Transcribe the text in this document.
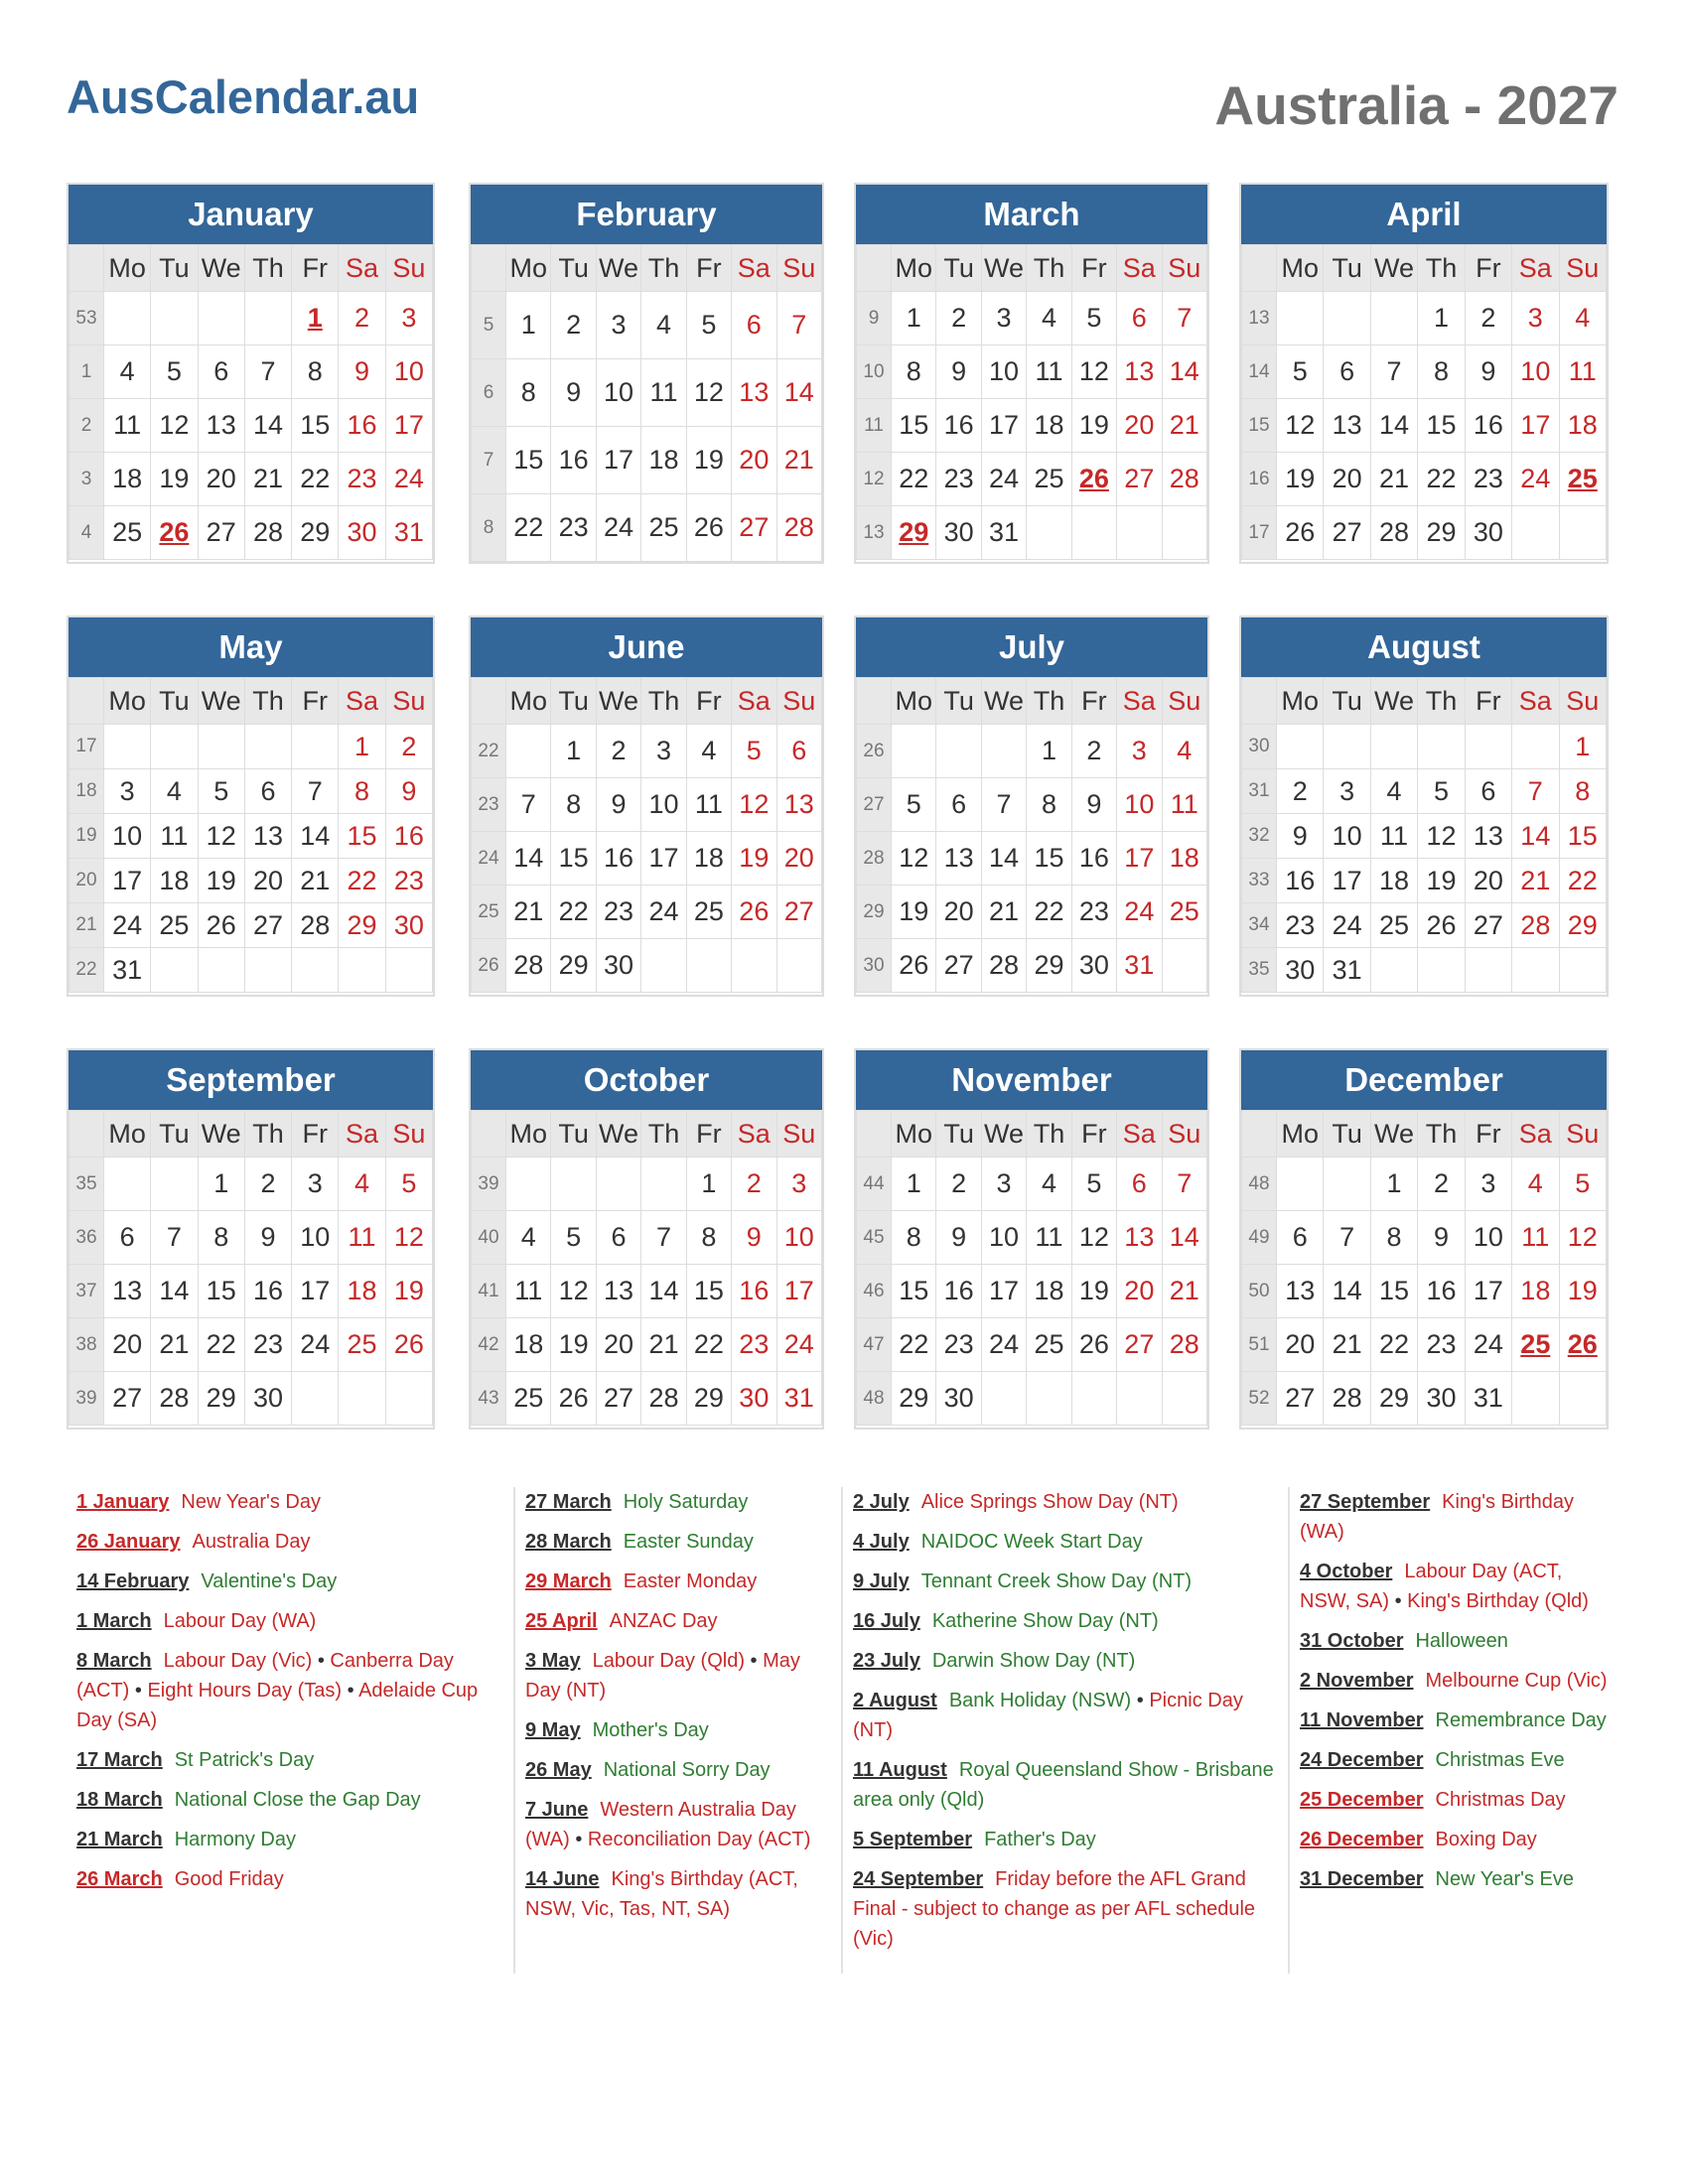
AusCalendar.au	Australia - 2027
January
	Mo	Tu	We	Th	Fr	Sa	Su
53					1	2	3
1	4	5	6	7	8	9	10
2	11	12	13	14	15	16	17
3	18	19	20	21	22	23	24
4	25	26	27	28	29	30	31
February
	Mo	Tu	We	Th	Fr	Sa	Su
5	1	2	3	4	5	6	7
6	8	9	10	11	12	13	14
7	15	16	17	18	19	20	21
8	22	23	24	25	26	27	28
March
	Mo	Tu	We	Th	Fr	Sa	Su
9	1	2	3	4	5	6	7
10	8	9	10	11	12	13	14
11	15	16	17	18	19	20	21
12	22	23	24	25	26	27	28
13	29	30	31				
April
	Mo	Tu	We	Th	Fr	Sa	Su
13				1	2	3	4
14	5	6	7	8	9	10	11
15	12	13	14	15	16	17	18
16	19	20	21	22	23	24	25
17	26	27	28	29	30		
May
	Mo	Tu	We	Th	Fr	Sa	Su
17						1	2
18	3	4	5	6	7	8	9
19	10	11	12	13	14	15	16
20	17	18	19	20	21	22	23
21	24	25	26	27	28	29	30
22	31						
June
	Mo	Tu	We	Th	Fr	Sa	Su
22		1	2	3	4	5	6
23	7	8	9	10	11	12	13
24	14	15	16	17	18	19	20
25	21	22	23	24	25	26	27
26	28	29	30				
July
	Mo	Tu	We	Th	Fr	Sa	Su
26				1	2	3	4
27	5	6	7	8	9	10	11
28	12	13	14	15	16	17	18
29	19	20	21	22	23	24	25
30	26	27	28	29	30	31	
August
	Mo	Tu	We	Th	Fr	Sa	Su
30							1
31	2	3	4	5	6	7	8
32	9	10	11	12	13	14	15
33	16	17	18	19	20	21	22
34	23	24	25	26	27	28	29
35	30	31					
September
	Mo	Tu	We	Th	Fr	Sa	Su
35			1	2	3	4	5
36	6	7	8	9	10	11	12
37	13	14	15	16	17	18	19
38	20	21	22	23	24	25	26
39	27	28	29	30			
October
	Mo	Tu	We	Th	Fr	Sa	Su
39					1	2	3
40	4	5	6	7	8	9	10
41	11	12	13	14	15	16	17
42	18	19	20	21	22	23	24
43	25	26	27	28	29	30	31
November
	Mo	Tu	We	Th	Fr	Sa	Su
44	1	2	3	4	5	6	7
45	8	9	10	11	12	13	14
46	15	16	17	18	19	20	21
47	22	23	24	25	26	27	28
48	29	30					
December
	Mo	Tu	We	Th	Fr	Sa	Su
48			1	2	3	4	5
49	6	7	8	9	10	11	12
50	13	14	15	16	17	18	19
51	20	21	22	23	24	25	26
52	27	28	29	30	31		
1 January New Year's Day
26 January Australia Day
14 February Valentine's Day
1 March Labour Day (WA)
8 March Labour Day (Vic) • Canberra Day (ACT) • Eight Hours Day (Tas) • Adelaide Cup Day (SA)
17 March St Patrick's Day
18 March National Close the Gap Day
21 March Harmony Day
26 March Good Friday
27 March Holy Saturday
28 March Easter Sunday
29 March Easter Monday
25 April ANZAC Day
3 May Labour Day (Qld) • May Day (NT)
9 May Mother's Day
26 May National Sorry Day
7 June Western Australia Day (WA) • Reconciliation Day (ACT)
14 June King's Birthday (ACT, NSW, Vic, Tas, NT, SA)
2 July Alice Springs Show Day (NT)
4 July NAIDOC Week Start Day
9 July Tennant Creek Show Day (NT)
16 July Katherine Show Day (NT)
23 July Darwin Show Day (NT)
2 August Bank Holiday (NSW) • Picnic Day (NT)
11 August Royal Queensland Show - Brisbane area only (Qld)
5 September Father's Day
24 September Friday before the AFL Grand Final - subject to change as per AFL schedule (Vic)
27 September King's Birthday (WA)
4 October Labour Day (ACT, NSW, SA) • King's Birthday (Qld)
31 October Halloween
2 November Melbourne Cup (Vic)
11 November Remembrance Day
24 December Christmas Eve
25 December Christmas Day
26 December Boxing Day
31 December New Year's Eve
